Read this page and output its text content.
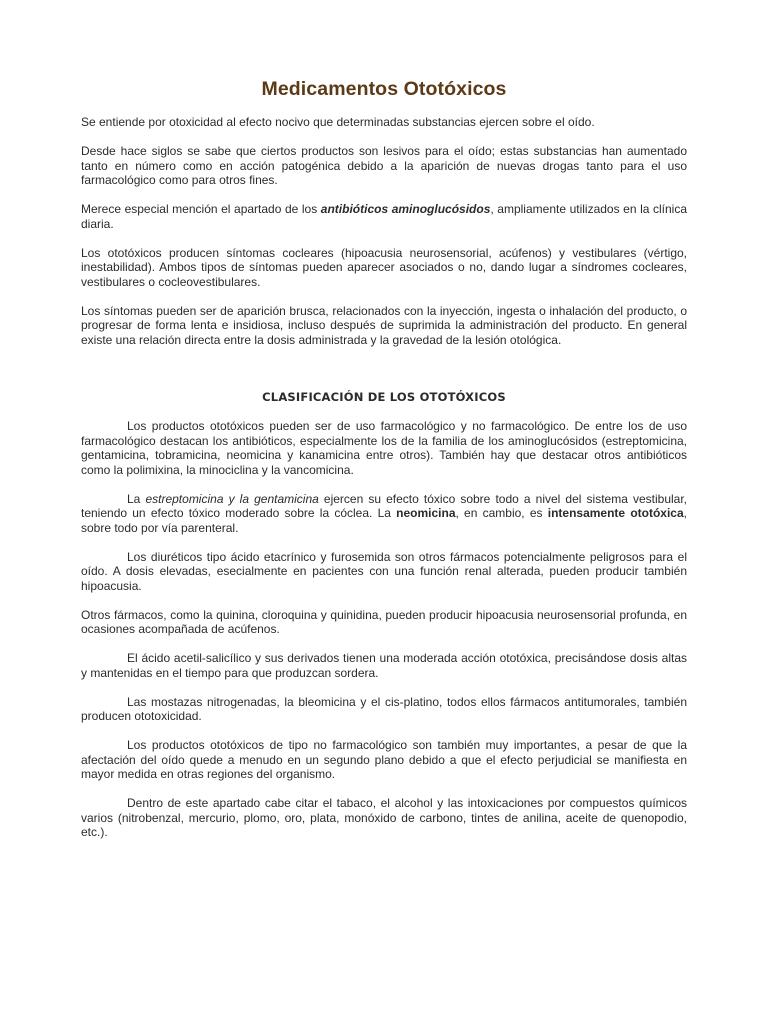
Medicamentos Ototóxicos

Se entiende por otoxicidad al efecto nocivo que determinadas substancias ejercen sobre el oído.

Desde hace siglos se sabe que ciertos productos son lesivos para el oído; estas substancias han aumentado tanto en número como en acción patogénica debido a la aparición de nuevas drogas tanto para el uso farmacológico como para otros fines.

Merece especial mención el apartado de los antibióticos aminoglucósidos, ampliamente utilizados en la clínica diaria.

Los ototóxicos producen síntomas cocleares (hipoacusia neurosensorial, acúfenos) y vestibulares (vértigo, inestabilidad). Ambos tipos de síntomas pueden aparecer asociados o no, dando lugar a síndromes cocleares, vestibulares o cocleovestibulares.

Los síntomas pueden ser de aparición brusca, relacionados con la inyección, ingesta o inhalación del producto, o progresar de forma lenta e insidiosa, incluso después de suprimida la administración del producto. En general existe una relación directa entre la dosis administrada y la gravedad de la lesión otológica.

CLASIFICACIÓN DE LOS OTOTÓXICOS

Los productos ototóxicos pueden ser de uso farmacológico y no farmacológico. De entre los de uso farmacológico destacan los antibióticos, especialmente los de la familia de los aminoglucósidos (estreptomicina, gentamicina, tobramicina, neomicina y kanamicina entre otros). También hay que destacar otros antibióticos como la polimixina, la minociclina y la vancomicina.

La estreptomicina y la gentamicina ejercen su efecto tóxico sobre todo a nivel del sistema vestibular, teniendo un efecto tóxico moderado sobre la cóclea. La neomicina, en cambio, es intensamente ototóxica, sobre todo por vía parenteral.

Los diuréticos tipo ácido etacrínico y furosemida son otros fármacos potencialmente peligrosos para el oído. A dosis elevadas, esecialmente en pacientes con una función renal alterada, pueden producir también hipoacusia.

Otros fármacos, como la quinina, cloroquina y quinidina, pueden producir hipoacusia neurosensorial profunda, en ocasiones acompañada de acúfenos.

El ácido acetil-salicílico y sus derivados tienen una moderada acción ototóxica, precisándose dosis altas y mantenidas en el tiempo para que produzcan sordera.

Las mostazas nitrogenadas, la bleomicina y el cis-platino, todos ellos fármacos antitumorales, también producen ototoxicidad.

Los productos ototóxicos de tipo no farmacológico son también muy importantes, a pesar de que la afectación del oído quede a menudo en un segundo plano debido a que el efecto perjudicial se manifiesta en mayor medida en otras regiones del organismo.

Dentro de este apartado cabe citar el tabaco, el alcohol y las intoxicaciones por compuestos químicos varios (nitrobenzal, mercurio, plomo, oro, plata, monóxido de carbono, tintes de anilina, aceite de quenopodio, etc.).
